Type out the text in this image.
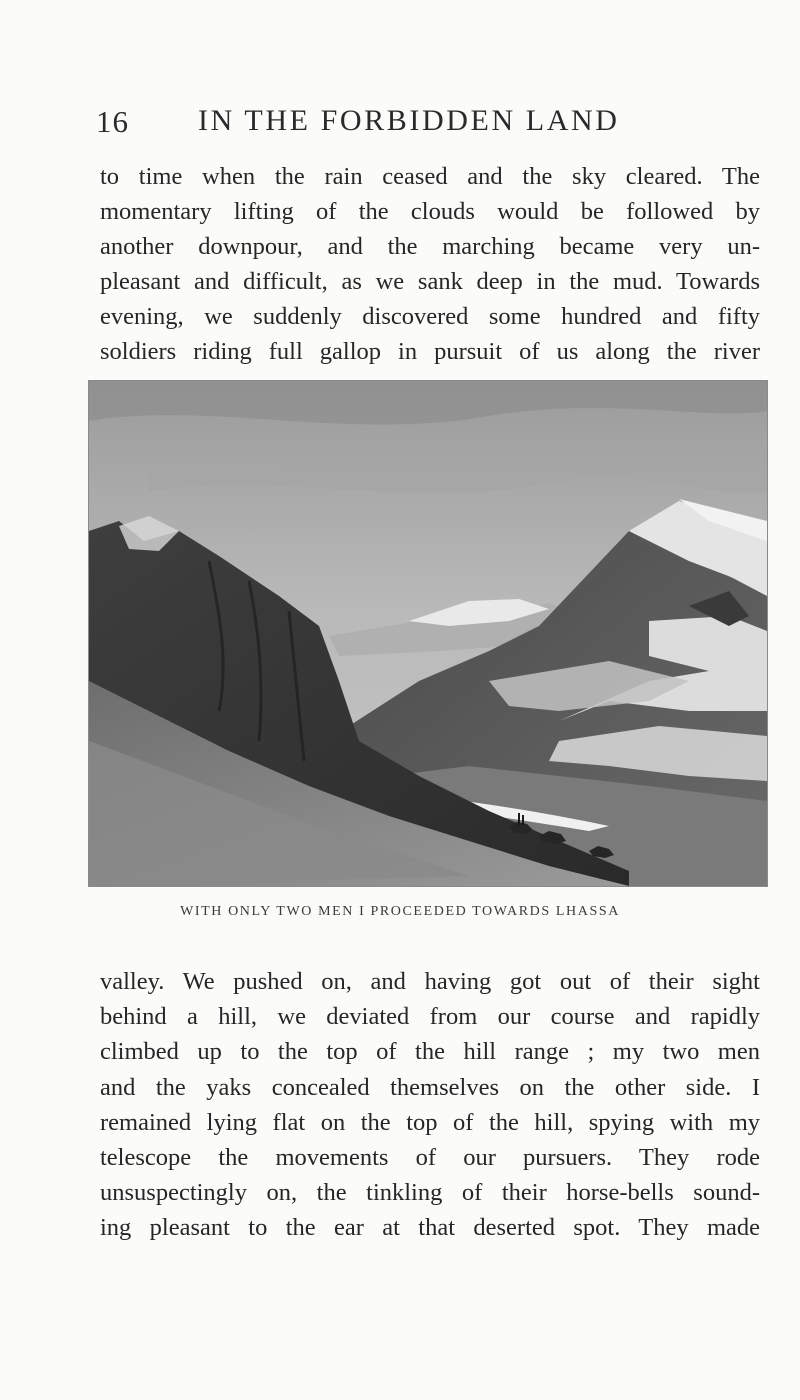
16 IN THE FORBIDDEN LAND
to time when the rain ceased and the sky cleared. The
momentary lifting of the clouds would be followed by
another downpour, and the marching became very un-
pleasant and difficult, as we sank deep in the mud. Towards
evening, we suddenly discovered some hundred and fifty
soldiers riding full gallop in pursuit of us along the river
WITH ONLY TWO MEN I PROCEEDED TOWARDS LHASSA
valley. We pushed on, and having got out of their sight
behind a hill, we deviated from our course and rapidly
climbed up to the top of the hill range ; my two men
and the yaks concealed themselves on the other side. I
remained lying flat on the top of the hill, spying with my
telescope the movements of our pursuers. They rode
unsuspectingly on, the tinkling of their horse-bells sound-
ing pleasant to the ear at that deserted spot. They made
